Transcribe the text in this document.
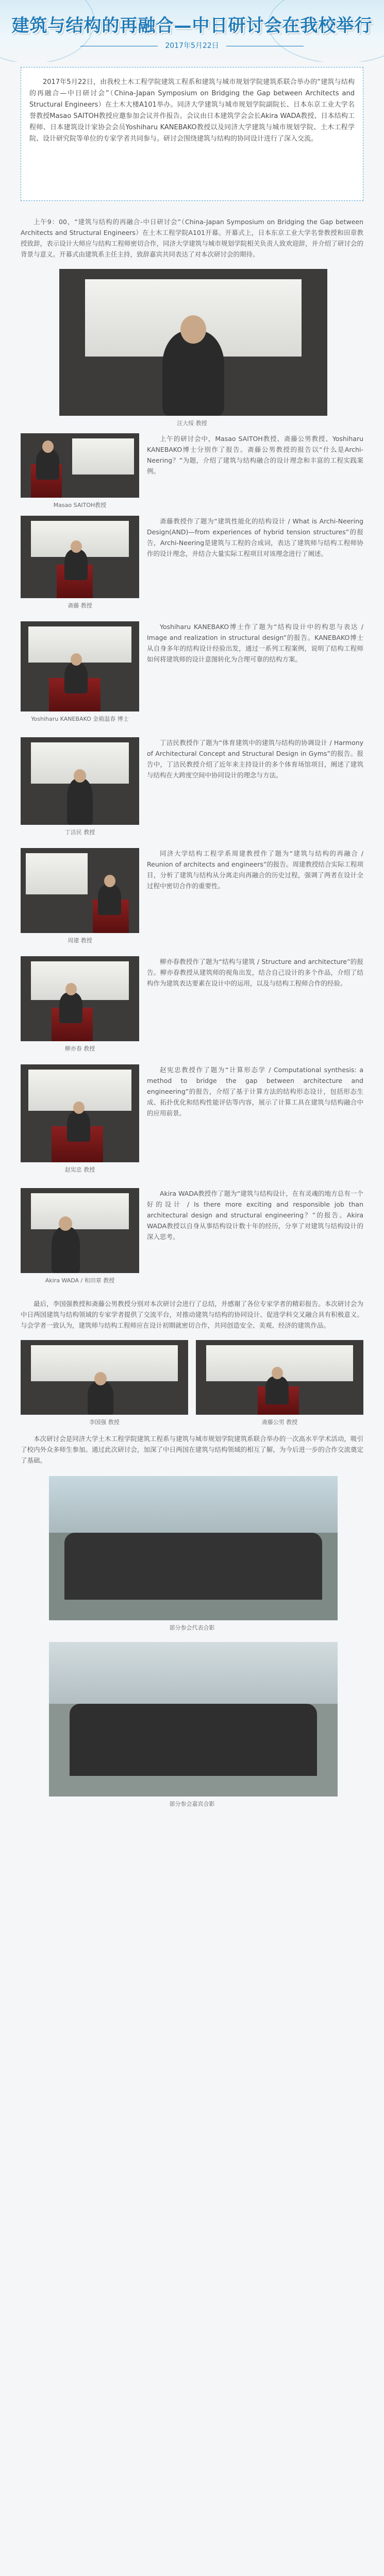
建筑与结构的再融合—中日研讨会在我校举行
2017年5月22日
2017年5月22日，由我校土木工程学院建筑工程系和建筑与城市规划学院建筑系联合举办的“建筑与结构的再融合—中日研讨会”（China-Japan Symposium on Bridging the Gap between Architects and Structural Engineers）在土木大楼A101举办。同济大学建筑与城市规划学院副院长、日本东京工业大学名誉教授Masao SAITOH教授应邀参加会议并作报告。会议由日本建筑学会会长Akira WADA教授、日本结构工程师、日本建筑设计家协会会员Yoshiharu KANEBAKO教授以及同济大学建筑与城市规划学院、土木工程学院、设计研究院等单位的专家学者共同参与。研讨会围绕建筑与结构的协同设计进行了深入交流。

上午9：00，“建筑与结构的再融合-中日研讨会”（China-Japan Symposium on Bridging the Gap between Architects and Structural Engineers）在土木工程学院A101开幕。开幕式上，日本东京工业大学名誉教授和田章教授致辞，表示设计大师应与结构工程师密切合作，同济大学建筑与城市规划学院相关负责人致欢迎辞，并介绍了研讨会的背景与意义。开幕式由建筑系主任主持，致辞嘉宾共同表达了对本次研讨会的期待。

汪大绥 教授
Masao SAITOH教授
上午的研讨会中，Masao SAITOH教授、斋藤公男教授、Yoshiharu KANEBAKO博士分别作了报告。斋藤公男教授的报告以“什么是Archi-Neering？”为题，介绍了建筑与结构融合的设计理念和丰富的工程实践案例。
斋藤 教授
斋藤教授作了题为“建筑性能化的结构设计 / What is Archi-Neering Design(AND)—from experiences of hybrid tension structures”的报告，Archi-Neering是建筑与工程的合成词，表达了建筑师与结构工程师协作的设计理念，并结合大量实际工程项目对该理念进行了阐述。
Yoshiharu KANEBAKO 金箱温春 博士
Yoshiharu KANEBAKO博士作了题为“结构设计中的构思与表达 / Image and realization in structural design”的报告。KANEBAKO博士从自身多年的结构设计经验出发，通过一系列工程案例，说明了结构工程师如何将建筑师的设计意图转化为合理可靠的结构方案。
丁洁民 教授
丁洁民教授作了题为“体育建筑中的建筑与结构的协调设计 / Harmony of Architectural Concept and Structural Design in Gyms”的报告。报告中，丁洁民教授介绍了近年来主持设计的多个体育场馆项目，阐述了建筑与结构在大跨度空间中协同设计的理念与方法。
周建 教授
同济大学结构工程学系周建教授作了题为“建筑与结构的再融合 / Reunion of architects and engineers”的报告。周建教授结合实际工程项目，分析了建筑与结构从分离走向再融合的历史过程，强调了两者在设计全过程中密切合作的重要性。
柳亦春 教授
柳亦春教授作了题为“结构与建筑 / Structure and architecture”的报告。柳亦春教授从建筑师的视角出发，结合自己设计的多个作品，介绍了结构作为建筑表达要素在设计中的运用，以及与结构工程师合作的经验。
赵宪忠 教授
赵宪忠教授作了题为“计算形态学 / Computational synthesis: a method to bridge the gap between architecture and engineering”的报告，介绍了基于计算方法的结构形态设计，包括形态生成、拓扑优化和结构性能评估等内容，展示了计算工具在建筑与结构融合中的应用前景。
Akira WADA / 和田章 教授
Akira WADA教授作了题为“建筑与结构设计，在有灵魂的地方总有一个好的设计 / Is there more exciting and responsible job than architectural design and structural engineering？”的报告。Akira WADA教授以自身从事结构设计数十年的经历，分享了对建筑与结构设计的深入思考。

最后，李国强教授和斋藤公男教授分别对本次研讨会进行了总结，并感谢了各位专家学者的精彩报告。本次研讨会为中日两国建筑与结构领域的专家学者提供了交流平台，对推动建筑与结构的协同设计、促进学科交叉融合具有积极意义。与会学者一致认为，建筑师与结构工程师应在设计初期就密切合作，共同创造安全、美观、经济的建筑作品。

李国强 教授	斋藤公男 教授

本次研讨会是同济大学土木工程学院建筑工程系与建筑与城市规划学院建筑系联合举办的一次高水平学术活动，吸引了校内外众多师生参加。通过此次研讨会，加深了中日两国在建筑与结构领域的相互了解，为今后进一步的合作交流奠定了基础。

部分参会代表合影
部分参会嘉宾合影
